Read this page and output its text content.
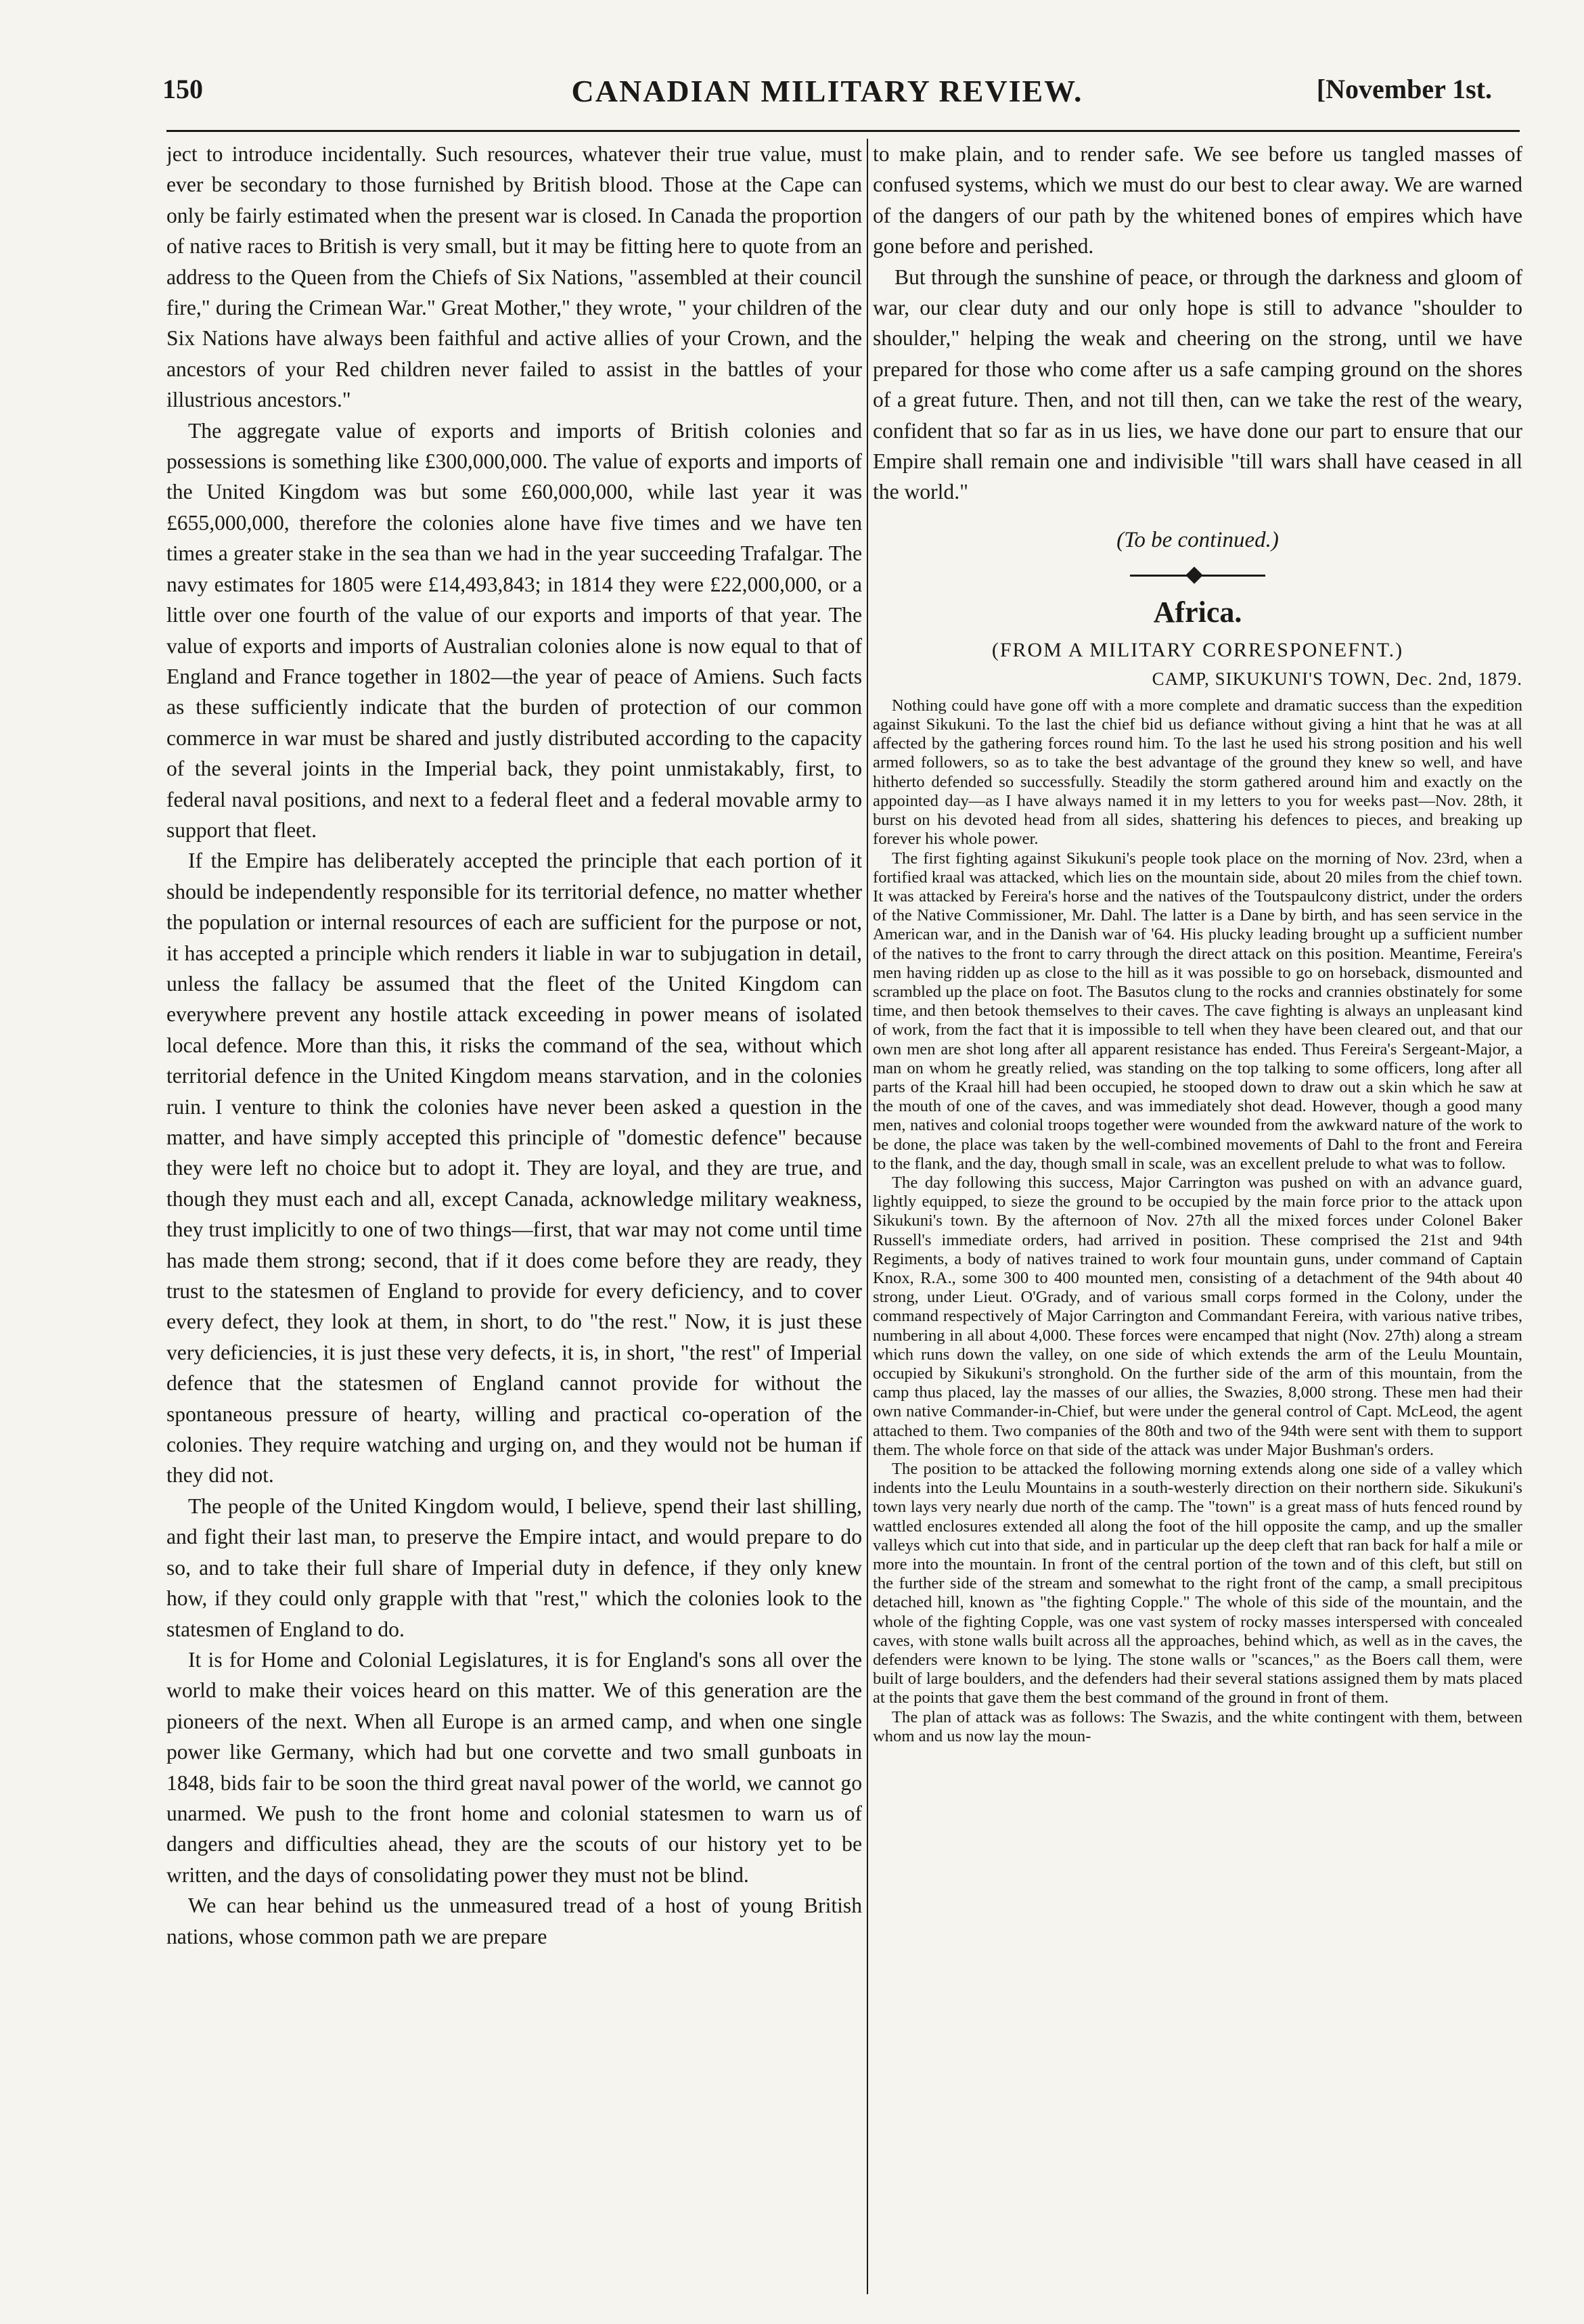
150	CANADIAN MILITARY REVIEW.	[November 1st.

ject to introduce incidentally. Such resources, whatever their true value, must ever be secondary to those furnished by British blood. Those at the Cape can only be fairly estimated when the present war is closed. In Canada the proportion of native races to British is very small, but it may be fitting here to quote from an address to the Queen from the Chiefs of Six Nations, "assembled at their council fire," during the Crimean War." Great Mother," they wrote, " your children of the Six Nations have always been faithful and active allies of your Crown, and the ancestors of your Red children never failed to assist in the battles of your illustrious ancestors."

The aggregate value of exports and imports of British colonies and possessions is something like £300,000,000. The value of exports and imports of the United Kingdom was but some £60,000,000, while last year it was £655,000,000, therefore the colonies alone have five times and we have ten times a greater stake in the sea than we had in the year succeeding Trafalgar. The navy estimates for 1805 were £14,493,843; in 1814 they were £22,000,000, or a little over one fourth of the value of our exports and imports of that year. The value of exports and imports of Australian colonies alone is now equal to that of England and France together in 1802—the year of peace of Amiens. Such facts as these sufficiently indicate that the burden of protection of our common commerce in war must be shared and justly distributed according to the capacity of the several joints in the Imperial back, they point unmistakably, first, to federal naval positions, and next to a federal fleet and a federal movable army to support that fleet.

If the Empire has deliberately accepted the principle that each portion of it should be independently responsible for its territorial defence, no matter whether the population or internal resources of each are sufficient for the purpose or not, it has accepted a principle which renders it liable in war to subjugation in detail, unless the fallacy be assumed that the fleet of the United Kingdom can everywhere prevent any hostile attack exceeding in power means of isolated local defence. More than this, it risks the command of the sea, without which territorial defence in the United Kingdom means starvation, and in the colonies ruin. I venture to think the colonies have never been asked a question in the matter, and have simply accepted this principle of "domestic defence" because they were left no choice but to adopt it. They are loyal, and they are true, and though they must each and all, except Canada, acknowledge military weakness, they trust implicitly to one of two things—first, that war may not come until time has made them strong; second, that if it does come before they are ready, they trust to the statesmen of England to provide for every deficiency, and to cover every defect, they look at them, in short, to do "the rest." Now, it is just these very deficiencies, it is just these very defects, it is, in short, "the rest" of Imperial defence that the statesmen of England cannot provide for without the spontaneous pressure of hearty, willing and practical co-operation of the colonies. They require watching and urging on, and they would not be human if they did not.

The people of the United Kingdom would, I believe, spend their last shilling, and fight their last man, to preserve the Empire intact, and would prepare to do so, and to take their full share of Imperial duty in defence, if they only knew how, if they could only grapple with that "rest," which the colonies look to the statesmen of England to do.

It is for Home and Colonial Legislatures, it is for England's sons all over the world to make their voices heard on this matter. We of this generation are the pioneers of the next. When all Europe is an armed camp, and when one single power like Germany, which had but one corvette and two small gunboats in 1848, bids fair to be soon the third great naval power of the world, we cannot go unarmed. We push to the front home and colonial statesmen to warn us of dangers and difficulties ahead, they are the scouts of our history yet to be written, and the days of consolidating power they must not be blind.

We can hear behind us the unmeasured tread of a host of young British nations, whose common path we are prepare

to make plain, and to render safe. We see before us tangled masses of confused systems, which we must do our best to clear away. We are warned of the dangers of our path by the whitened bones of empires which have gone before and perished.

But through the sunshine of peace, or through the darkness and gloom of war, our clear duty and our only hope is still to advance "shoulder to shoulder," helping the weak and cheering on the strong, until we have prepared for those who come after us a safe camping ground on the shores of a great future. Then, and not till then, can we take the rest of the weary, confident that so far as in us lies, we have done our part to ensure that our Empire shall remain one and indivisible "till wars shall have ceased in all the world."

(To be continued.)

Africa.
(FROM A MILITARY CORRESPONEFNT.)
CAMP, SIKUKUNI'S TOWN, Dec. 2nd, 1879.

Nothing could have gone off with a more complete and dramatic success than the expedition against Sikukuni. To the last the chief bid us defiance without giving a hint that he was at all affected by the gathering forces round him. To the last he used his strong position and his well armed followers, so as to take the best advantage of the ground they knew so well, and have hitherto defended so successfully. Steadily the storm gathered around him and exactly on the appointed day—as I have always named it in my letters to you for weeks past—Nov. 28th, it burst on his devoted head from all sides, shattering his defences to pieces, and breaking up forever his whole power.

The first fighting against Sikukuni's people took place on the morning of Nov. 23rd, when a fortified kraal was attacked, which lies on the mountain side, about 20 miles from the chief town. It was attacked by Fereira's horse and the natives of the Toutspaulcony district, under the orders of the Native Commissioner, Mr. Dahl. The latter is a Dane by birth, and has seen service in the American war, and in the Danish war of '64. His plucky leading brought up a sufficient number of the natives to the front to carry through the direct attack on this position. Meantime, Fereira's men having ridden up as close to the hill as it was possible to go on horseback, dismounted and scrambled up the place on foot. The Basutos clung to the rocks and crannies obstinately for some time, and then betook themselves to their caves. The cave fighting is always an unpleasant kind of work, from the fact that it is impossible to tell when they have been cleared out, and that our own men are shot long after all apparent resistance has ended. Thus Fereira's Sergeant-Major, a man on whom he greatly relied, was standing on the top talking to some officers, long after all parts of the Kraal hill had been occupied, he stooped down to draw out a skin which he saw at the mouth of one of the caves, and was immediately shot dead. However, though a good many men, natives and colonial troops together were wounded from the awkward nature of the work to be done, the place was taken by the well-combined movements of Dahl to the front and Fereira to the flank, and the day, though small in scale, was an excellent prelude to what was to follow.

The day following this success, Major Carrington was pushed on with an advance guard, lightly equipped, to sieze the ground to be occupied by the main force prior to the attack upon Sikukuni's town. By the afternoon of Nov. 27th all the mixed forces under Colonel Baker Russell's immediate orders, had arrived in position. These comprised the 21st and 94th Regiments, a body of natives trained to work four mountain guns, under command of Captain Knox, R.A., some 300 to 400 mounted men, consisting of a detachment of the 94th about 40 strong, under Lieut. O'Grady, and of various small corps formed in the Colony, under the command respectively of Major Carrington and Commandant Fereira, with various native tribes, numbering in all about 4,000. These forces were encamped that night (Nov. 27th) along a stream which runs down the valley, on one side of which extends the arm of the Leulu Mountain, occupied by Sikukuni's stronghold. On the further side of the arm of this mountain, from the camp thus placed, lay the masses of our allies, the Swazies, 8,000 strong. These men had their own native Commander-in-Chief, but were under the general control of Capt. McLeod, the agent attached to them. Two companies of the 80th and two of the 94th were sent with them to support them. The whole force on that side of the attack was under Major Bushman's orders.

The position to be attacked the following morning extends along one side of a valley which indents into the Leulu Mountains in a south-westerly direction on their northern side. Sikukuni's town lays very nearly due north of the camp. The "town" is a great mass of huts fenced round by wattled enclosures extended all along the foot of the hill opposite the camp, and up the smaller valleys which cut into that side, and in particular up the deep cleft that ran back for half a mile or more into the mountain. In front of the central portion of the town and of this cleft, but still on the further side of the stream and somewhat to the right front of the camp, a small precipitous detached hill, known as "the fighting Copple." The whole of this side of the mountain, and the whole of the fighting Copple, was one vast system of rocky masses interspersed with concealed caves, with stone walls built across all the approaches, behind which, as well as in the caves, the defenders were known to be lying. The stone walls or "scances," as the Boers call them, were built of large boulders, and the defenders had their several stations assigned them by mats placed at the points that gave them the best command of the ground in front of them.

The plan of attack was as follows: The Swazis, and the white contingent with them, between whom and us now lay the moun-
